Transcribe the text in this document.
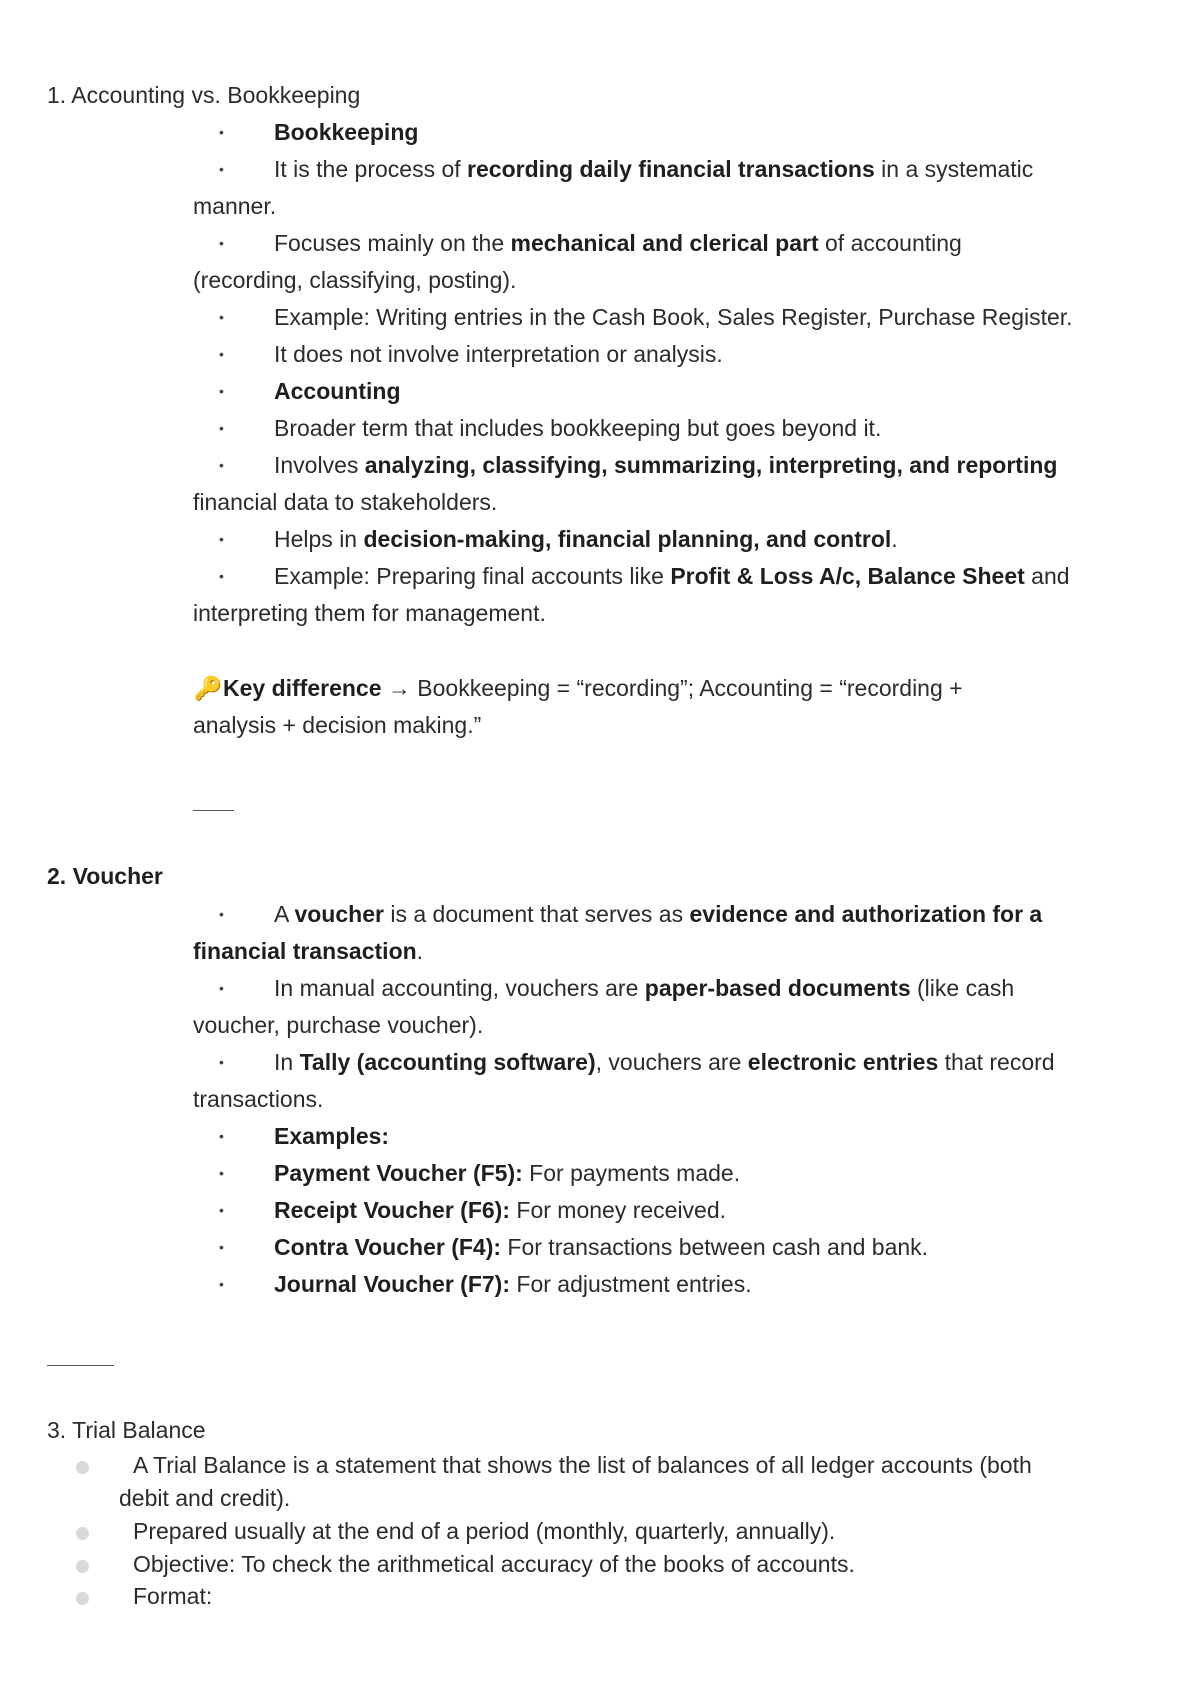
1. Accounting vs. Bookkeeping
• Bookkeeping
• It is the process of recording daily financial transactions in a systematic
manner.
• Focuses mainly on the mechanical and clerical part of accounting
(recording, classifying, posting).
• Example: Writing entries in the Cash Book, Sales Register, Purchase Register.
• It does not involve interpretation or analysis.
• Accounting
• Broader term that includes bookkeeping but goes beyond it.
• Involves analyzing, classifying, summarizing, interpreting, and reporting
financial data to stakeholders.
• Helps in decision-making, financial planning, and control.
• Example: Preparing final accounts like Profit & Loss A/c, Balance Sheet and
interpreting them for management.
🔑Key difference → Bookkeeping = “recording”; Accounting = “recording +
analysis + decision making.”
2. Voucher
• A voucher is a document that serves as evidence and authorization for a
financial transaction.
• In manual accounting, vouchers are paper-based documents (like cash
voucher, purchase voucher).
• In Tally (accounting software), vouchers are electronic entries that record
transactions.
• Examples:
• Payment Voucher (F5): For payments made.
• Receipt Voucher (F6): For money received.
• Contra Voucher (F4): For transactions between cash and bank.
• Journal Voucher (F7): For adjustment entries.
3. Trial Balance
A Trial Balance is a statement that shows the list of balances of all ledger accounts (both
debit and credit).
Prepared usually at the end of a period (monthly, quarterly, annually).
Objective: To check the arithmetical accuracy of the books of accounts.
Format:
